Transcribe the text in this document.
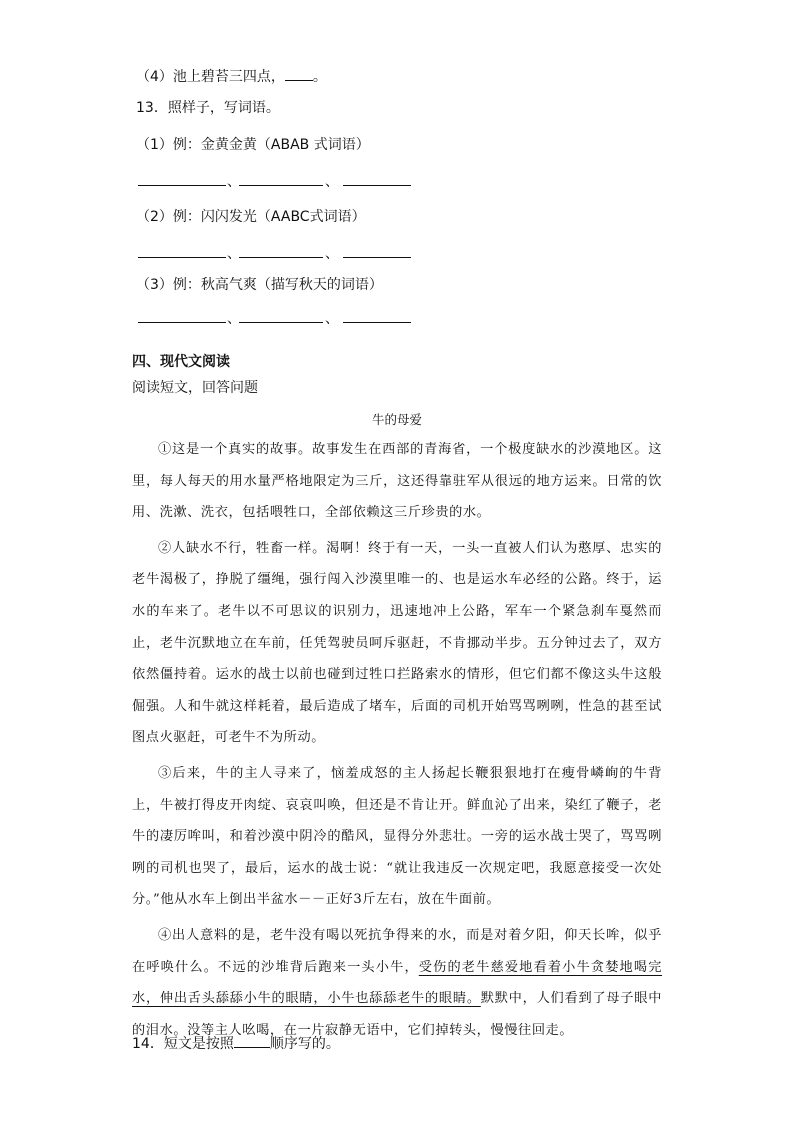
（4）池上碧苔三四点， 。
13．照样子，写词语。
（1）例：金黄金黄（ABAB 式词语）
、	、
（2）例：闪闪发光（AABC式词语）
、	、
（3）例：秋高气爽（描写秋天的词语）
、	、
四、现代文阅读
阅读短文，回答问题
牛的母爱

①这是一个真实的故事。故事发生在西部的青海省，一个极度缺水的沙漠地区。这里，每人每天的用水量严格地限定为三斤，这还得靠驻军从很远的地方运来。日常的饮用、洗漱、洗衣，包括喂牲口，全部依赖这三斤珍贵的水。

②人缺水不行，牲畜一样。渴啊！终于有一天，一头一直被人们认为憨厚、忠实的老牛渴极了，挣脱了缰绳，强行闯入沙漠里唯一的、也是运水车必经的公路。终于，运水的车来了。老牛以不可思议的识别力，迅速地冲上公路，军车一个紧急刹车戛然而止，老牛沉默地立在车前，任凭驾驶员呵斥驱赶，不肯挪动半步。五分钟过去了，双方依然僵持着。运水的战士以前也碰到过牲口拦路索水的情形，但它们都不像这头牛这般倔强。人和牛就这样耗着，最后造成了堵车，后面的司机开始骂骂咧咧，性急的甚至试图点火驱赶，可老牛不为所动。

③后来，牛的主人寻来了，恼羞成怒的主人扬起长鞭狠狠地打在瘦骨嶙峋的牛背上，牛被打得皮开肉绽、哀哀叫唤，但还是不肯让开。鲜血沁了出来，染红了鞭子，老牛的凄厉哞叫，和着沙漠中阴冷的酷风，显得分外悲壮。一旁的运水战士哭了，骂骂咧咧的司机也哭了，最后，运水的战士说：“就让我违反一次规定吧，我愿意接受一次处分。”他从水车上倒出半盆水－－正好3斤左右，放在牛面前。

④出人意料的是，老牛没有喝以死抗争得来的水，而是对着夕阳，仰天长哞，似乎在呼唤什么。不远的沙堆背后跑来一头小牛，受伤的老牛慈爱地看着小牛贪婪地喝完水，伸出舌头舔舔小牛的眼睛，小牛也舔舔老牛的眼睛。默默中，人们看到了母子眼中的泪水。没等主人吆喝，在一片寂静无语中，它们掉转头，慢慢往回走。

14．短文是按照	顺序写的。
